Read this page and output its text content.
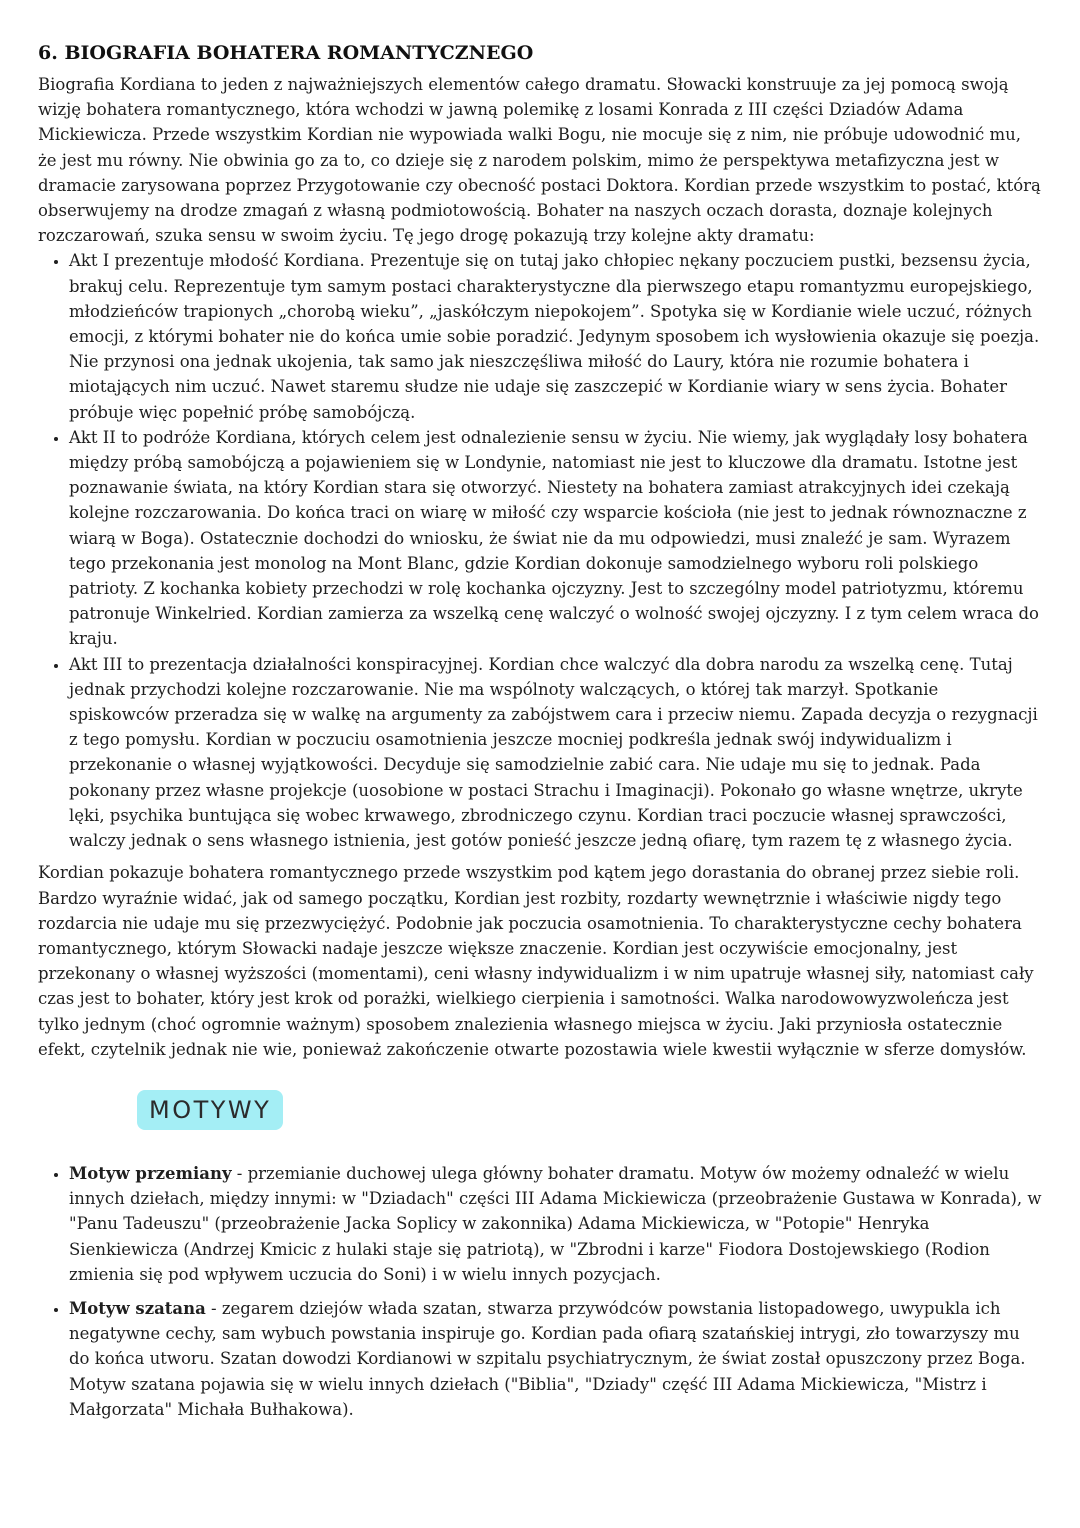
6. BIOGRAFIA BOHATERA ROMANTYCZNEGO

Biografia Kordiana to jeden z najważniejszych elementów całego dramatu. Słowacki konstruuje za jej pomocą swoją wizję bohatera romantycznego, która wchodzi w jawną polemikę z losami Konrada z III części Dziadów Adama Mickiewicza. Przede wszystkim Kordian nie wypowiada walki Bogu, nie mocuje się z nim, nie próbuje udowodnić mu, że jest mu równy. Nie obwinia go za to, co dzieje się z narodem polskim, mimo że perspektywa metafizyczna jest w dramacie zarysowana poprzez Przygotowanie czy obecność postaci Doktora. Kordian przede wszystkim to postać, którą obserwujemy na drodze zmagań z własną podmiotowością. Bohater na naszych oczach dorasta, doznaje kolejnych rozczarowań, szuka sensu w swoim życiu. Tę jego drogę pokazują trzy kolejne akty dramatu:

• Akt I prezentuje młodość Kordiana. Prezentuje się on tutaj jako chłopiec nękany poczuciem pustki, bezsensu życia, brakuj celu. Reprezentuje tym samym postaci charakterystyczne dla pierwszego etapu romantyzmu europejskiego, młodzieńców trapionych „chorobą wieku”, „jaskółczym niepokojem”. Spotyka się w Kordianie wiele uczuć, różnych emocji, z którymi bohater nie do końca umie sobie poradzić. Jedynym sposobem ich wysłowienia okazuje się poezja. Nie przynosi ona jednak ukojenia, tak samo jak nieszczęśliwa miłość do Laury, która nie rozumie bohatera i miotających nim uczuć. Nawet staremu słudze nie udaje się zaszczepić w Kordianie wiary w sens życia. Bohater próbuje więc popełnić próbę samobójczą.
• Akt II to podróże Kordiana, których celem jest odnalezienie sensu w życiu. Nie wiemy, jak wyglądały losy bohatera między próbą samobójczą a pojawieniem się w Londynie, natomiast nie jest to kluczowe dla dramatu. Istotne jest poznawanie świata, na który Kordian stara się otworzyć. Niestety na bohatera zamiast atrakcyjnych idei czekają kolejne rozczarowania. Do końca traci on wiarę w miłość czy wsparcie kościoła (nie jest to jednak równoznaczne z wiarą w Boga). Ostatecznie dochodzi do wniosku, że świat nie da mu odpowiedzi, musi znaleźć je sam. Wyrazem tego przekonania jest monolog na Mont Blanc, gdzie Kordian dokonuje samodzielnego wyboru roli polskiego patrioty. Z kochanka kobiety przechodzi w rolę kochanka ojczyzny. Jest to szczególny model patriotyzmu, któremu patronuje Winkelried. Kordian zamierza za wszelką cenę walczyć o wolność swojej ojczyzny. I z tym celem wraca do kraju.
• Akt III to prezentacja działalności konspiracyjnej. Kordian chce walczyć dla dobra narodu za wszelką cenę. Tutaj jednak przychodzi kolejne rozczarowanie. Nie ma wspólnoty walczących, o której tak marzył. Spotkanie spiskowców przeradza się w walkę na argumenty za zabójstwem cara i przeciw niemu. Zapada decyzja o rezygnacji z tego pomysłu. Kordian w poczuciu osamotnienia jeszcze mocniej podkreśla jednak swój indywidualizm i przekonanie o własnej wyjątkowości. Decyduje się samodzielnie zabić cara. Nie udaje mu się to jednak. Pada pokonany przez własne projekcje (uosobione w postaci Strachu i Imaginacji). Pokonało go własne wnętrze, ukryte lęki, psychika buntująca się wobec krwawego, zbrodniczego czynu. Kordian traci poczucie własnej sprawczości, walczy jednak o sens własnego istnienia, jest gotów ponieść jeszcze jedną ofiarę, tym razem tę z własnego życia.

Kordian pokazuje bohatera romantycznego przede wszystkim pod kątem jego dorastania do obranej przez siebie roli. Bardzo wyraźnie widać, jak od samego początku, Kordian jest rozbity, rozdarty wewnętrznie i właściwie nigdy tego rozdarcia nie udaje mu się przezwyciężyć. Podobnie jak poczucia osamotnienia. To charakterystyczne cechy bohatera romantycznego, którym Słowacki nadaje jeszcze większe znaczenie. Kordian jest oczywiście emocjonalny, jest przekonany o własnej wyższości (momentami), ceni własny indywidualizm i w nim upatruje własnej siły, natomiast cały czas jest to bohater, który jest krok od porażki, wielkiego cierpienia i samotności. Walka narodowowyzwoleńcza jest tylko jednym (choć ogromnie ważnym) sposobem znalezienia własnego miejsca w życiu. Jaki przyniosła ostatecznie efekt, czytelnik jednak nie wie, ponieważ zakończenie otwarte pozostawia wiele kwestii wyłącznie w sferze domysłów.

MOTYWY
• Motyw przemiany - przemianie duchowej ulega główny bohater dramatu. Motyw ów możemy odnaleźć w wielu innych dziełach, między innymi: w "Dziadach" części III Adama Mickiewicza (przeobrażenie Gustawa w Konrada), w "Panu Tadeuszu" (przeobrażenie Jacka Soplicy w zakonnika) Adama Mickiewicza, w "Potopie" Henryka Sienkiewicza (Andrzej Kmicic z hulaki staje się patriotą), w "Zbrodni i karze" Fiodora Dostojewskiego (Rodion zmienia się pod wpływem uczucia do Soni) i w wielu innych pozycjach.
• Motyw szatana - zegarem dziejów włada szatan, stwarza przywódców powstania listopadowego, uwypukla ich negatywne cechy, sam wybuch powstania inspiruje go. Kordian pada ofiarą szatańskiej intrygi, zło towarzyszy mu do końca utworu. Szatan dowodzi Kordianowi w szpitalu psychiatrycznym, że świat został opuszczony przez Boga. Motyw szatana pojawia się w wielu innych dziełach ("Biblia", "Dziady" część III Adama Mickiewicza, "Mistrz i Małgorzata" Michała Bułhakowa).
